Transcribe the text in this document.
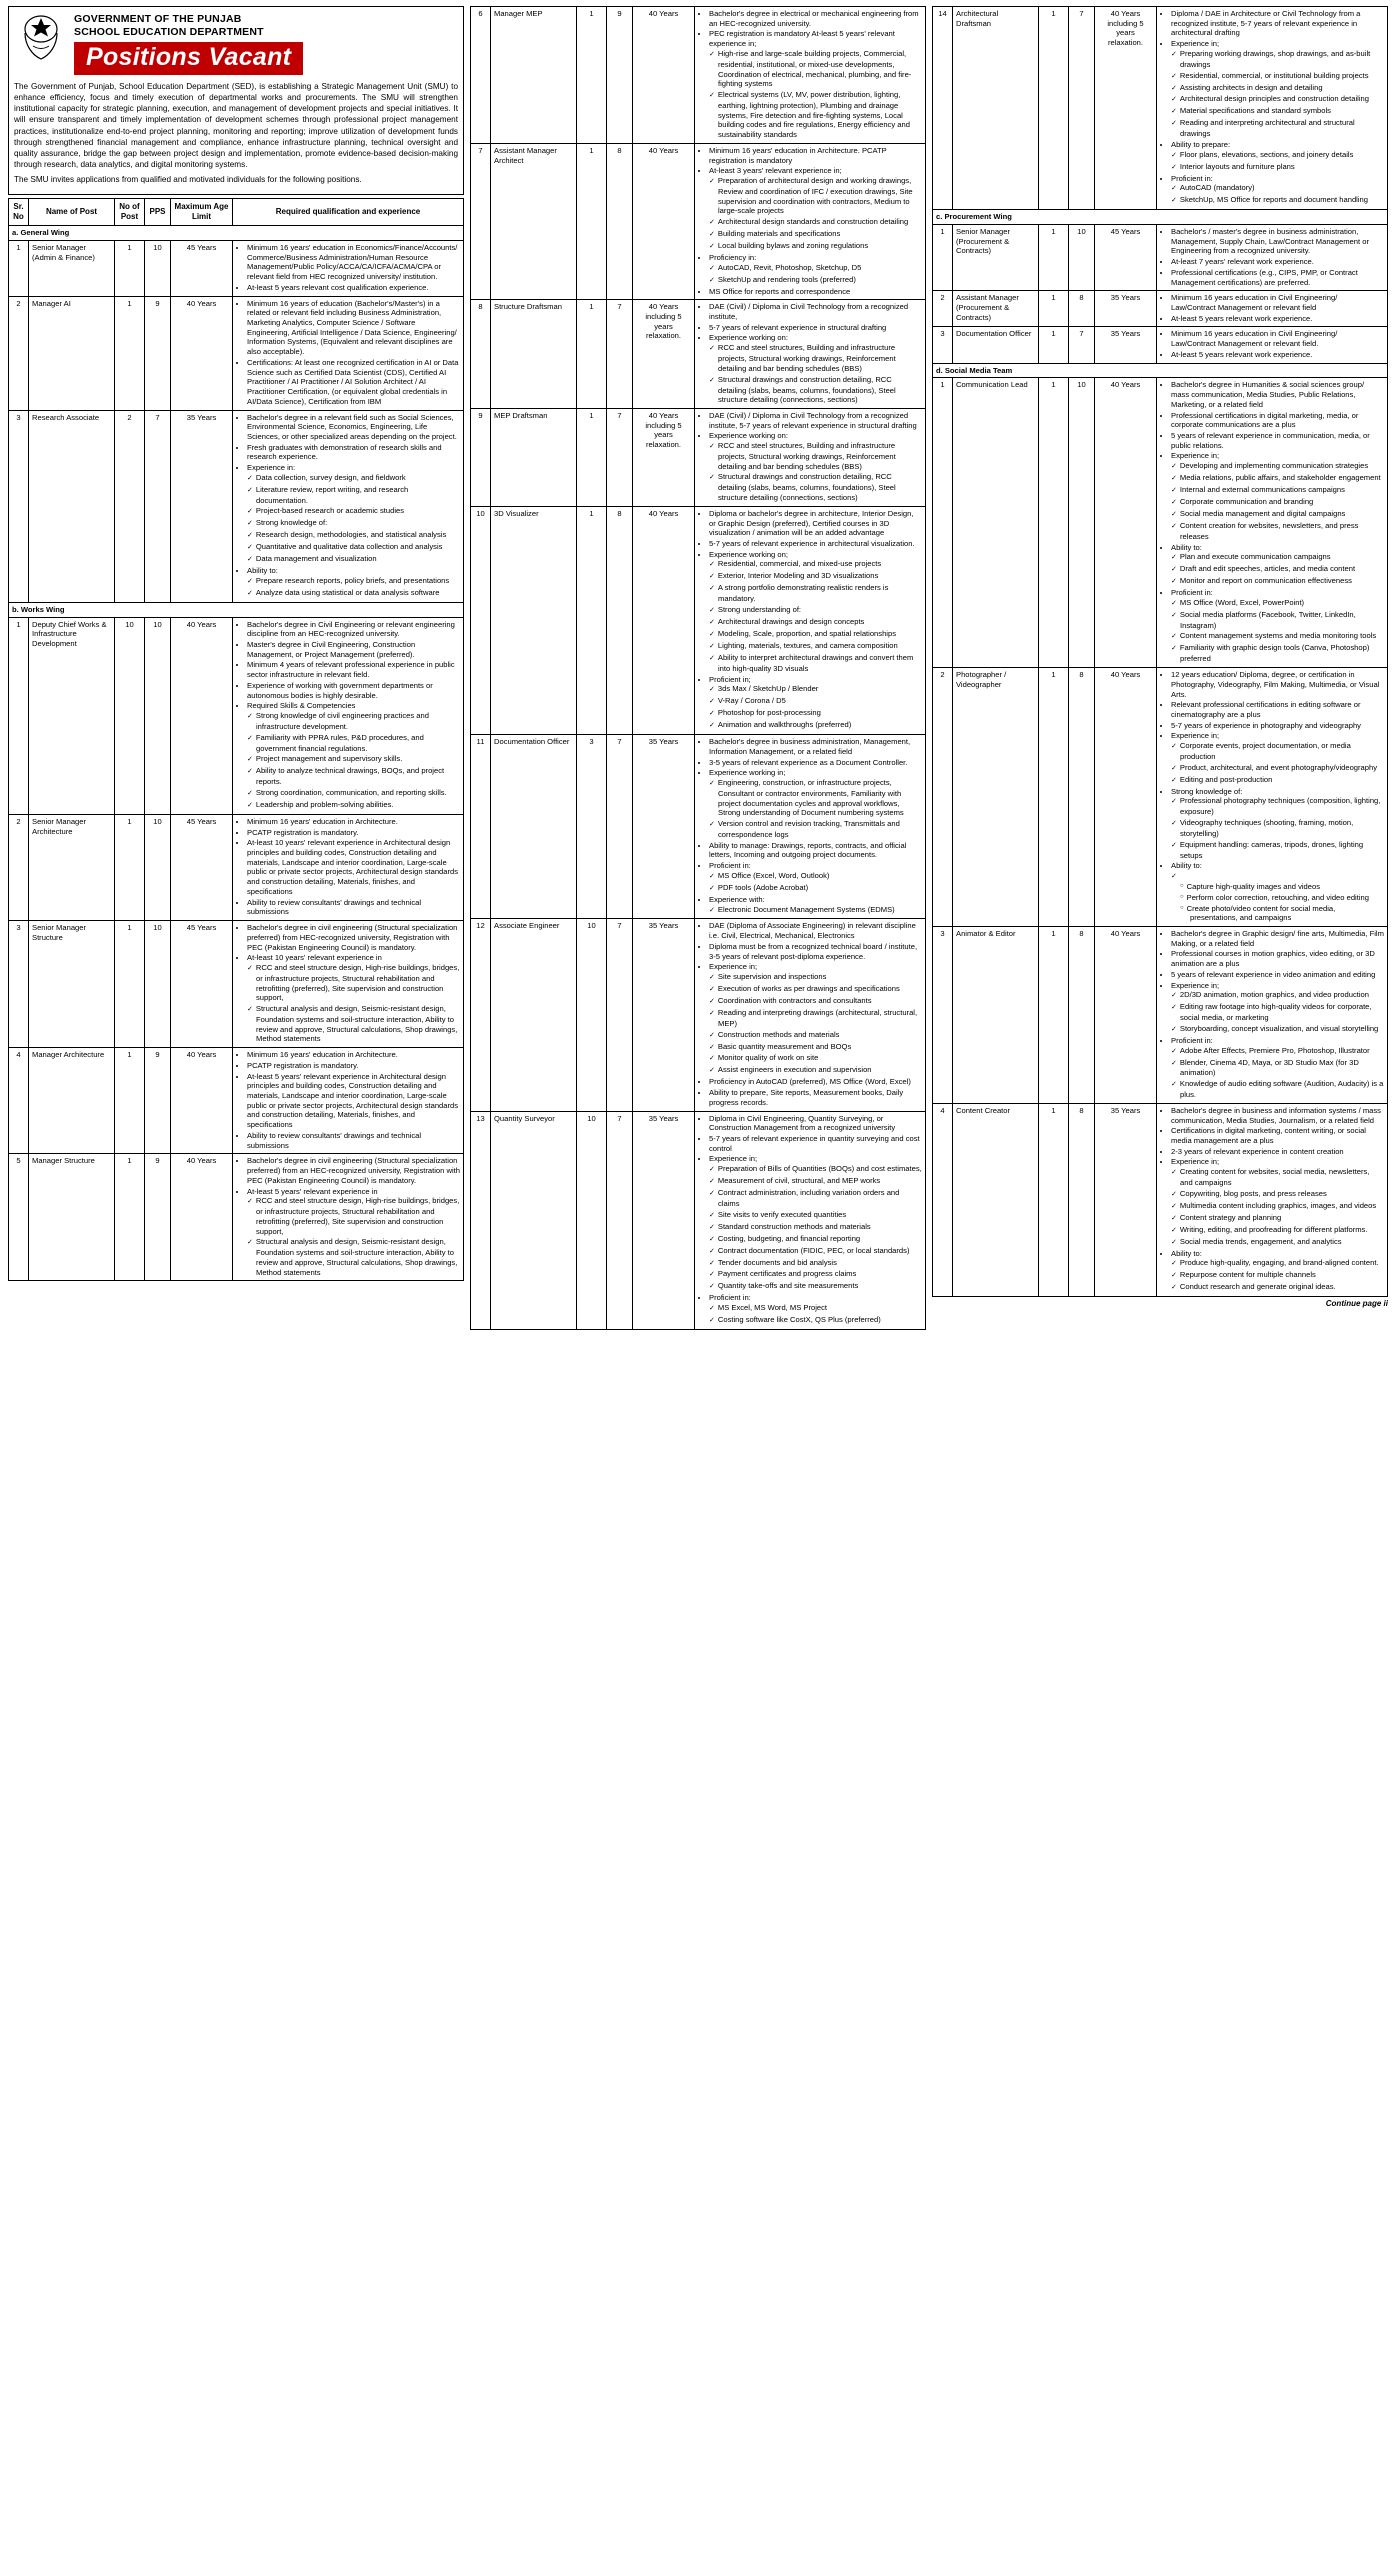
GOVERNMENT OF THE PUNJAB
SCHOOL EDUCATION DEPARTMENT
Positions Vacant

The Government of Punjab, School Education Department (SED), is establishing a Strategic Management Unit (SMU) to enhance efficiency, focus and timely execution of departmental works and procurements. The SMU will strengthen institutional capacity for strategic planning, execution, and management of development projects and special initiatives. It will ensure transparent and timely implementation of development schemes through professional project management practices, institutionalize end-to-end project planning, monitoring and reporting; improve utilization of development funds through strengthened financial management and compliance, enhance infrastructure planning, technical oversight and quality assurance, bridge the gap between project design and implementation, promote evidence-based decision-making through research, data analytics, and digital monitoring systems.

The SMU invites applications from qualified and motivated individuals for the following positions.

Sr. No	Name of Post	No of Post	PPS	Maximum Age Limit	Required qualification and experience
a. General Wing					
1	Senior Manager (Admin & Finance)	1	10	45 Years	
•Minimum 16 years' education in Economics/Finance/Accounts/ Commerce/Business Administration/Human Resource Management/Public Policy/ACCA/CA/ICFA/ACMA/CPA or relevant field from HEC recognized university/ institution.
• At-least 5 years relevant cost qualification experience.

2	Manager AI	1	9	40 Years	
•Minimum 16 years of education (Bachelor's/Master's) in a related or relevant field including Business Administration, Marketing Analytics, Computer Science / Software Engineering, Artificial Intelligence / Data Science, Engineering/ Information Systems, (Equivalent and relevant disciplines are also acceptable).
• Certifications: At least one recognized certification in AI or Data Science such as Certified Data Scientist (CDS), Certified AI Practitioner / AI Practitioner / AI Solution Architect / AI Practitioner Certification, (or equivalent global credentials in AI/Data Science), Certification from IBM

3	Research Associate	2	7	35 Years	
•Bachelor's degree in a relevant field such as Social Sciences, Environmental Science, Economics, Engineering, Life Sciences, or other specialized areas depending on the project.
• Fresh graduates with demonstration of research skills and research experience.
• Experience in:
✓ Data collection, survey design, and fieldwork
✓ Literature review, report writing, and research documentation.
✓ Project-based research or academic studies
✓ Strong knowledge of:
✓ Research design, methodologies, and statistical analysis
✓ Quantitative and qualitative data collection and analysis
✓ Data management and visualization
• Ability to:
✓ Prepare research reports, policy briefs, and presentations
✓ Analyze data using statistical or data analysis software

b. Works Wing					
1	Deputy Chief Works & Infrastructure Development	10	10	40 Years	
•Bachelor's degree in Civil Engineering or relevant engineering discipline from an HEC-recognized university.
• Master's degree in Civil Engineering, Construction Management, or Project Management (preferred).
• Minimum 4 years of relevant professional experience in public sector infrastructure in relevant field.
• Experience of working with government departments or autonomous bodies is highly desirable.
• Required Skills & Competencies
✓ Strong knowledge of civil engineering practices and infrastructure development.
✓ Familiarity with PPRA rules, P&D procedures, and government financial regulations.
✓ Project management and supervisory skills.
✓ Ability to analyze technical drawings, BOQs, and project reports.
✓ Strong coordination, communication, and reporting skills.
✓ Leadership and problem-solving abilities.

2	Senior Manager Architecture	1	10	45 Years	
•Minimum 16 years' education in Architecture.
• PCATP registration is mandatory.
• At-least 10 years' relevant experience in Architectural design principles and building codes, Construction detailing and materials, Landscape and interior coordination, Large-scale public or private sector projects, Architectural design standards and construction detailing, Materials, finishes, and specifications
• Ability to review consultants' drawings and technical submissions

3	Senior Manager Structure	1	10	45 Years	
•Bachelor's degree in civil engineering (Structural specialization preferred) from HEC-recognized university, Registration with PEC (Pakistan Engineering Council) is mandatory.
• At-least 10 years' relevant experience in
✓ RCC and steel structure design, High-rise buildings, bridges, or infrastructure projects, Structural rehabilitation and retrofitting (preferred), Site supervision and construction support,
✓ Structural analysis and design, Seismic-resistant design, Foundation systems and soil-structure interaction, Ability to review and approve, Structural calculations, Shop drawings, Method statements

4	Manager Architecture	1	9	40 Years	
•Minimum 16 years' education in Architecture.
• PCATP registration is mandatory.
• At-least 5 years' relevant experience in Architectural design principles and building codes, Construction detailing and materials, Landscape and interior coordination, Large-scale public or private sector projects, Architectural design standards and construction detailing, Materials, finishes, and specifications
• Ability to review consultants' drawings and technical submissions

5	Manager Structure	1	9	40 Years	
•Bachelor's degree in civil engineering (Structural specialization preferred) from an HEC-recognized university, Registration with PEC (Pakistan Engineering Council) is mandatory.
• At-least 5 years' relevant experience in
✓ RCC and steel structure design, High-rise buildings, bridges, or infrastructure projects, Structural rehabilitation and retrofitting (preferred), Site supervision and construction support,
✓ Structural analysis and design, Seismic-resistant design, Foundation systems and soil-structure interaction, Ability to review and approve, Structural calculations, Shop drawings, Method statements
6	Manager MEP	1	9	40 Years	
•Bachelor's degree in electrical or mechanical engineering from an HEC-recognized university.
• PEC registration is mandatory At-least 5 years' relevant experience in;
✓ High-rise and large-scale building projects, Commercial, residential, institutional, or mixed-use developments, Coordination of electrical, mechanical, plumbing, and fire-fighting systems
✓ Electrical systems (LV, MV, power distribution, lighting, earthing, lightning protection), Plumbing and drainage systems, Fire detection and fire-fighting systems, Local building codes and fire regulations, Energy efficiency and sustainability standards

7	Assistant Manager Architect	1	8	40 Years	
•Minimum 16 years' education in Architecture. PCATP registration is mandatory
• At-least 3 years' relevant experience in;
✓ Preparation of architectural design and working drawings, Review and coordination of IFC / execution drawings, Site supervision and coordination with contractors, Medium to large-scale projects
✓ Architectural design standards and construction detailing
✓ Building materials and specifications
✓ Local building bylaws and zoning regulations
• Proficiency in:
✓ AutoCAD, Revit, Photoshop, Sketchup, D5
✓ SketchUp and rendering tools (preferred)
• MS Office for reports and correspondence

8	Structure Draftsman	1	7	40 Years including 5 years relaxation.	
• DAE (Civil) / Diploma in Civil Technology from a recognized institute,
• 5-7 years of relevant experience in structural drafting
• Experience working on:
✓ RCC and steel structures, Building and infrastructure projects, Structural working drawings, Reinforcement detailing and bar bending schedules (BBS)
✓ Structural drawings and construction detailing, RCC detailing (slabs, beams, columns, foundations), Steel structure detailing (connections, sections)

9	MEP Draftsman	1	7	40 Years including 5 years relaxation.	
• DAE (Civil) / Diploma in Civil Technology from a recognized institute, 5-7 years of relevant experience in structural drafting
• Experience working on:
✓ RCC and steel structures, Building and infrastructure projects, Structural working drawings, Reinforcement detailing and bar bending schedules (BBS)
✓ Structural drawings and construction detailing, RCC detailing (slabs, beams, columns, foundations), Steel structure detailing (connections, sections)

10	3D Visualizer	1	8	40 Years	
•Diploma or bachelor's degree in architecture, Interior Design, or Graphic Design (preferred), Certified courses in 3D visualization / animation will be an added advantage
• 5-7 years of relevant experience in architectural visualization.
• Experience working on;
✓ Residential, commercial, and mixed-use projects
✓ Exterior, Interior Modeling and 3D visualizations
✓ A strong portfolio demonstrating realistic renders is mandatory.
✓ Strong understanding of:
✓ Architectural drawings and design concepts
✓ Modeling, Scale, proportion, and spatial relationships
✓ Lighting, materials, textures, and camera composition
✓ Ability to interpret architectural drawings and convert them into high-quality 3D visuals
• Proficient in;
✓ 3ds Max / SketchUp / Blender
✓ V-Ray / Corona / D5
✓ Photoshop for post-processing
✓ Animation and walkthroughs (preferred)

11	Documentation Officer	3	7	35 Years	
•Bachelor's degree in business administration, Management, Information Management, or a related field
• 3-5 years of relevant experience as a Document Controller.
• Experience working in;
✓ Engineering, construction, or infrastructure projects, Consultant or contractor environments, Familiarity with project documentation cycles and approval workflows, Strong understanding of Document numbering systems
✓ Version control and revision tracking, Transmittals and correspondence logs
• Ability to manage: Drawings, reports, contracts, and official letters, Incoming and outgoing project documents.
• Proficient in:
✓ MS Office (Excel, Word, Outlook)
✓ PDF tools (Adobe Acrobat)
• Experience with:
✓ Electronic Document Management Systems (EDMS)

12	Associate Engineer	10	7	35 Years	
•DAE (Diploma of Associate Engineering) in relevant discipline i.e. Civil, Electrical, Mechanical, Electronics
• Diploma must be from a recognized technical board / institute, 3-5 years of relevant post-diploma experience.
• Experience in;
✓ Site supervision and inspections
✓ Execution of works as per drawings and specifications
✓ Coordination with contractors and consultants
✓ Reading and interpreting drawings (architectural, structural, MEP)
✓ Construction methods and materials
✓ Basic quantity measurement and BOQs
✓ Monitor quality of work on site
✓ Assist engineers in execution and supervision
• Proficiency in AutoCAD (preferred), MS Office (Word, Excel)
• Ability to prepare, Site reports, Measurement books, Daily progress records.

13	Quantity Surveyor	10	7	35 Years	
•Diploma in Civil Engineering, Quantity Surveying, or Construction Management from a recognized university
• 5-7 years of relevant experience in quantity surveying and cost control
• Experience in;
✓ Preparation of Bills of Quantities (BOQs) and cost estimates,
✓ Measurement of civil, structural, and MEP works
✓ Contract administration, including variation orders and claims
✓ Site visits to verify executed quantities
✓ Standard construction methods and materials
✓ Costing, budgeting, and financial reporting
✓ Contract documentation (FIDIC, PEC, or local standards)
✓ Tender documents and bid analysis
✓ Payment certificates and progress claims
✓ Quantity take-offs and site measurements
• Proficient in:
✓ MS Excel, MS Word, MS Project
✓ Costing software like CostX, QS Plus (preferred)
14	Architectural Draftsman	1	7	40 Years including 5 years relaxation.	
• Diploma / DAE in Architecture or Civil Technology from a recognized institute, 5-7 years of relevant experience in architectural drafting
• Experience in;
✓ Preparing working drawings, shop drawings, and as-built drawings
✓ Residential, commercial, or institutional building projects
✓ Assisting architects in design and detailing
✓ Architectural design principles and construction detailing
✓ Material specifications and standard symbols
✓ Reading and interpreting architectural and structural drawings
• Ability to prepare:
✓ Floor plans, elevations, sections, and joinery details
✓ Interior layouts and furniture plans
• Proficient in:
✓ AutoCAD (mandatory)
✓ SketchUp, MS Office for reports and document handling

c. Procurement Wing					
1	Senior Manager (Procurement & Contracts)	1	10	45 Years	
•Bachelor's / master's degree in business administration, Management, Supply Chain, Law/Contract Management or Engineering from a recognized university.
• At-least 7 years' relevant work experience.
• Professional certifications (e.g., CIPS, PMP, or Contract Management certifications) are preferred.

2	Assistant Manager (Procurement & Contracts)	1	8	35 Years	
•Minimum 16 years education in Civil Engineering/ Law/Contract Management or relevant field
• At-least 5 years relevant work experience.

3	Documentation Officer	1	7	35 Years	
•Minimum 16 years education in Civil Engineering/ Law/Contract Management or relevant field.
• At-least 5 years relevant work experience.

d. Social Media Team					
1	Communication Lead	1	10	40 Years	
•Bachelor's degree in Humanities & social sciences group/ mass communication, Media Studies, Public Relations, Marketing, or a related field
• Professional certifications in digital marketing, media, or corporate communications are a plus
• 5 years of relevant experience in communication, media, or public relations.
• Experience in;
✓ Developing and implementing communication strategies
✓ Media relations, public affairs, and stakeholder engagement
✓ Internal and external communications campaigns
✓ Corporate communication and branding
✓ Social media management and digital campaigns
✓ Content creation for websites, newsletters, and press releases
• Ability to:
✓ Plan and execute communication campaigns
✓ Draft and edit speeches, articles, and media content
✓ Monitor and report on communication effectiveness
• Proficient in:
✓ MS Office (Word, Excel, PowerPoint)
✓ Social media platforms (Facebook, Twitter, LinkedIn, Instagram)
✓ Content management systems and media monitoring tools
✓ Familiarity with graphic design tools (Canva, Photoshop) preferred

2	Photographer / Videographer	1	8	40 Years	
•12 years education/ Diploma, degree, or certification in Photography, Videography, Film Making, Multimedia, or Visual Arts.
• Relevant professional certifications in editing software or cinematography are a plus
• 5-7 years of experience in photography and videography
• Experience in;
✓ Corporate events, project documentation, or media production
✓ Product, architectural, and event photography/videography
✓ Editing and post-production
• Strong knowledge of:
✓ Professional photography techniques (composition, lighting, exposure)
✓ Videography techniques (shooting, framing, motion, storytelling)
✓ Equipment handling: cameras, tripods, drones, lighting setups
• Ability to:
○ ✓ Capture high-quality images and videos
○ Perform color correction, retouching, and video editing
○ Create photo/video content for social media, presentations, and campaigns

3	Animator & Editor	1	8	40 Years	
•Bachelor's degree in Graphic design/ fine arts, Multimedia, Film Making, or a related field
• Professional courses in motion graphics, video editing, or 3D animation are a plus
• 5 years of relevant experience in video animation and editing
• Experience in;
✓ 2D/3D animation, motion graphics, and video production
✓ Editing raw footage into high-quality videos for corporate, social media, or marketing
✓ Storyboarding, concept visualization, and visual storytelling
• Proficient in:
✓ Adobe After Effects, Premiere Pro, Photoshop, Illustrator
✓ Blender, Cinema 4D, Maya, or 3D Studio Max (for 3D animation)
✓ Knowledge of audio editing software (Audition, Audacity) is a plus.

4	Content Creator	1	8	35 Years	
•Bachelor's degree in business and information systems / mass communication, Media Studies, Journalism, or a related field
• Certifications in digital marketing, content writing, or social media management are a plus
• 2-3 years of relevant experience in content creation
• Experience in;
✓ Creating content for websites, social media, newsletters, and campaigns
✓ Copywriting, blog posts, and press releases
✓ Multimedia content including graphics, images, and videos
✓ Content strategy and planning
✓ Writing, editing, and proofreading for different platforms.
✓ Social media trends, engagement, and analytics
• Ability to:
✓ Produce high-quality, engaging, and brand-aligned content.
✓ Repurpose content for multiple channels
✓ Conduct research and generate original ideas.
Continue page ii
